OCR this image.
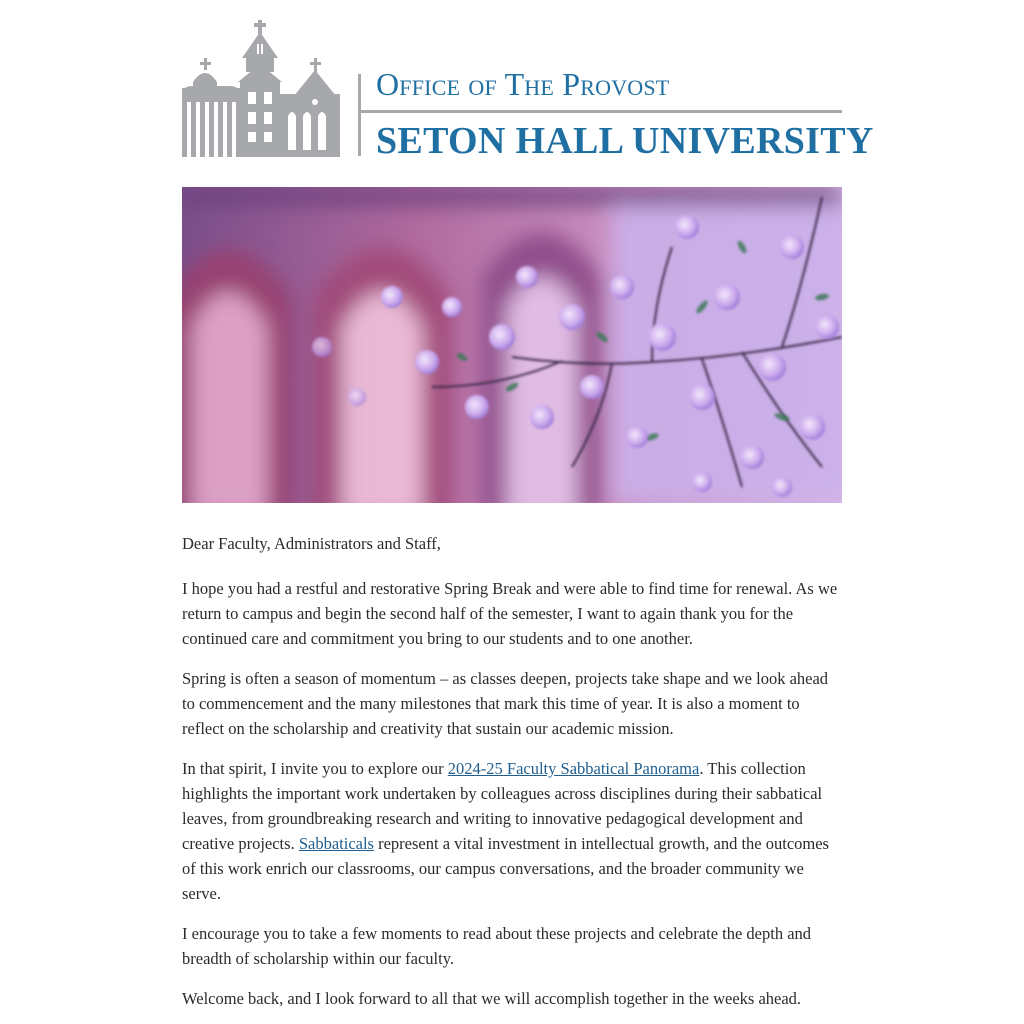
Office of The Provost
SETON HALL UNIVERSITY

Dear Faculty, Administrators and Staff,

I hope you had a restful and restorative Spring Break and were able to find time for renewal. As we return to campus and begin the second half of the semester, I want to again thank you for the continued care and commitment you bring to our students and to one another.

Spring is often a season of momentum – as classes deepen, projects take shape and we look ahead to commencement and the many milestones that mark this time of year. It is also a moment to reflect on the scholarship and creativity that sustain our academic mission.

In that spirit, I invite you to explore our 2024-25 Faculty Sabbatical Panorama. This collection highlights the important work undertaken by colleagues across disciplines during their sabbatical leaves, from groundbreaking research and writing to innovative pedagogical development and creative projects. Sabbaticals represent a vital investment in intellectual growth, and the outcomes of this work enrich our classrooms, our campus conversations, and the broader community we serve.

I encourage you to take a few moments to read about these projects and celebrate the depth and breadth of scholarship within our faculty.

Welcome back, and I look forward to all that we will accomplish together in the weeks ahead.
